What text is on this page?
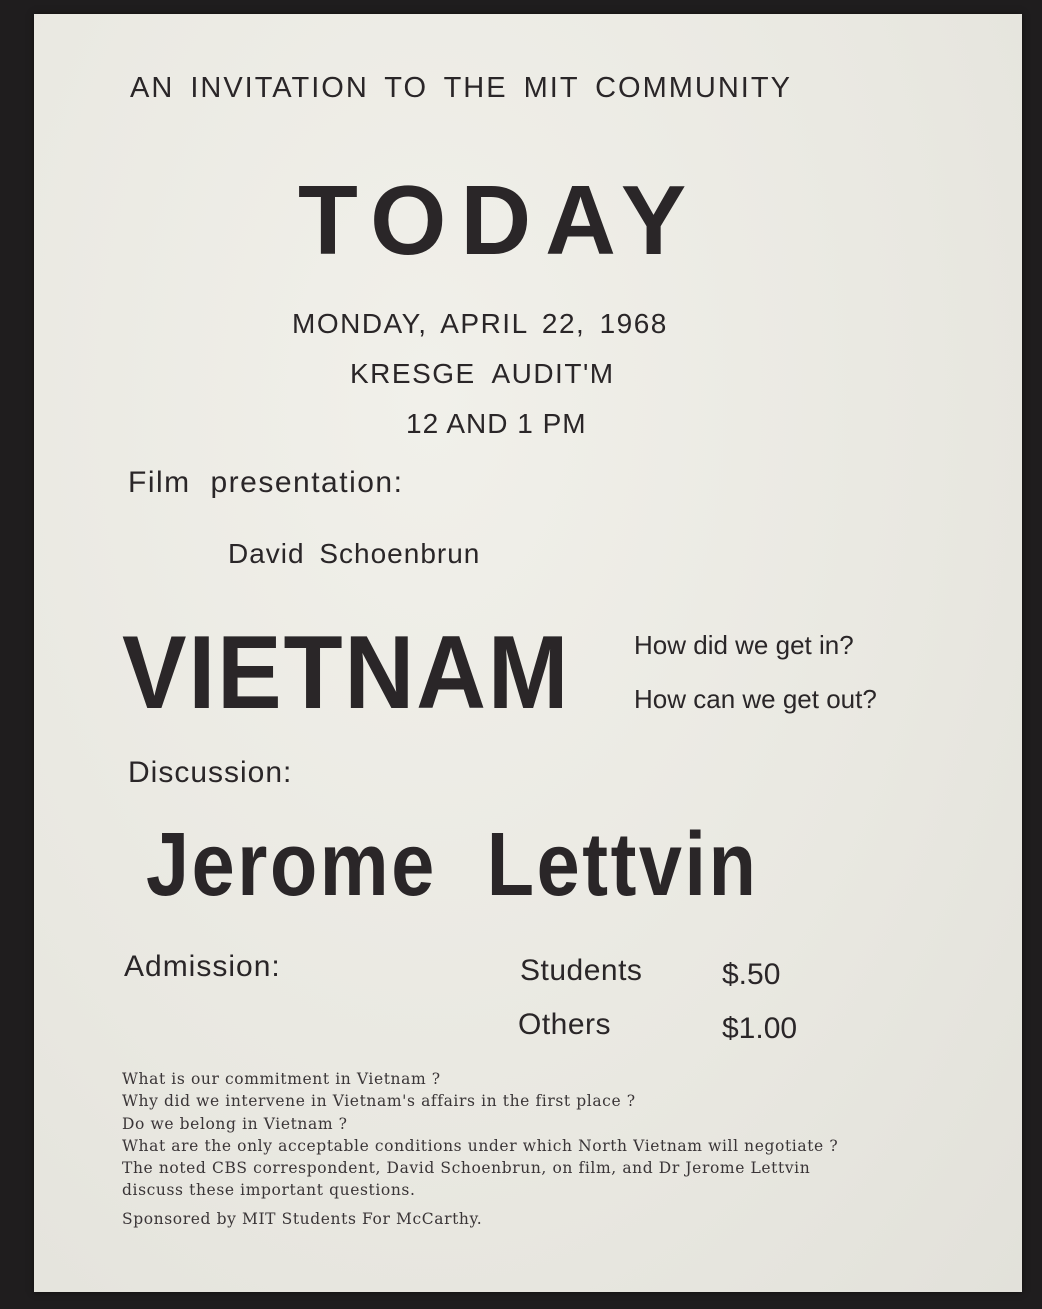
AN INVITATION TO THE MIT COMMUNITY

TODAY

MONDAY, APRIL 22, 1968

KRESGE AUDIT'M

12 AND 1 PM

Film presentation:

David Schoenbrun

VIETNAM How did we get in?

How can we get out?

Discussion:

Jerome Lettvin

Admission:	Students	$.50

Others	$1.00

What is our commitment in Vietnam ?
Why did we intervene in Vietnam's affairs in the first place ?
Do we belong in Vietnam ?
What are the only acceptable conditions under which North Vietnam will negotiate ?
The noted CBS correspondent, David Schoenbrun, on film, and Dr Jerome Lettvin
discuss these important questions.

Sponsored by MIT Students For McCarthy.
